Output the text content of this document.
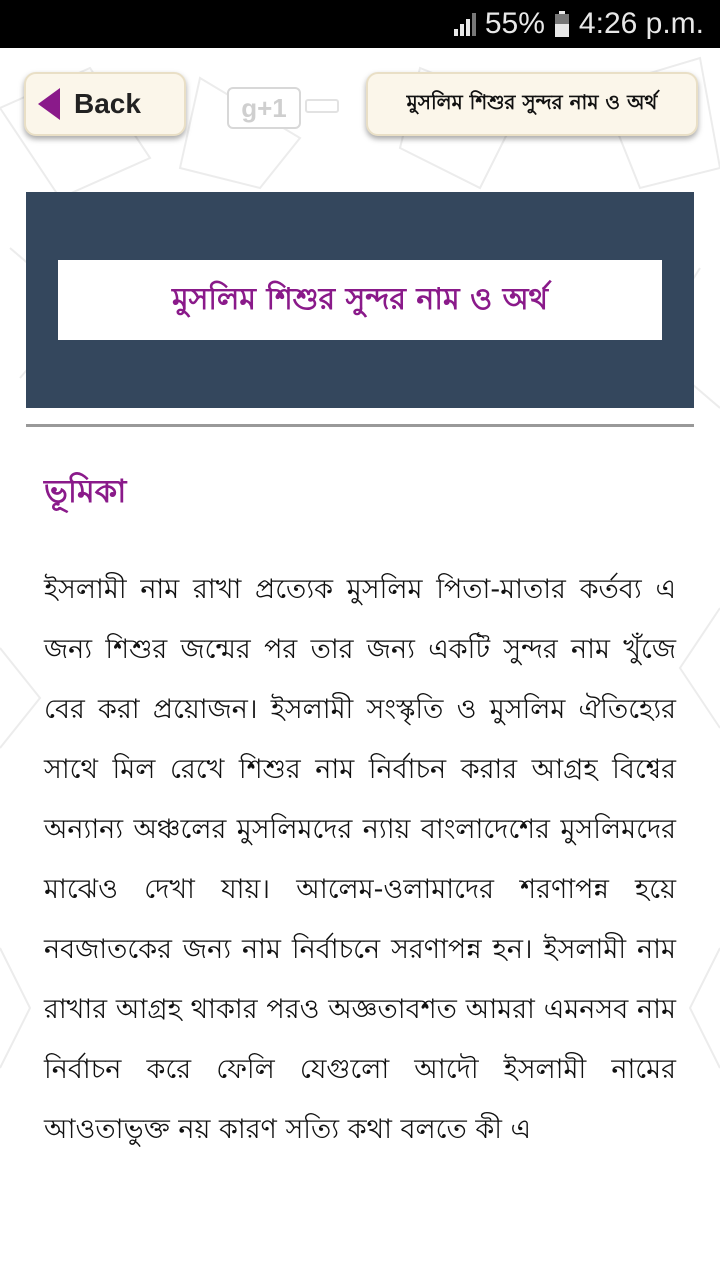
55% 4:26 p.m.
Back	g+1	মুসলিম শিশুর সুন্দর নাম ও অর্থ
মুসলিম শিশুর সুন্দর নাম ও অর্থ
ভূমিকা

ইসলামী নাম রাখা প্রত্যেক মুসলিম পিতা-মাতার কর্তব্য এ জন্য শিশুর জন্মের পর তার জন্য একটি সুন্দর নাম খুঁজে বের করা প্রয়োজন। ইসলামী সংস্কৃতি ও মুসলিম ঐতিহ্যের সাথে মিল রেখে শিশুর নাম নির্বাচন করার আগ্রহ বিশ্বের অন্যান্য অঞ্চলের মুসলিমদের ন্যায় বাংলাদেশের মুসলিমদের মাঝেও দেখা যায়। আলেম-ওলামাদের শরণাপন্ন হয়ে নবজাতকের জন্য নাম নির্বাচনে সরণাপন্ন হন। ইসলামী নাম রাখার আগ্রহ থাকার পরও অজ্ঞতাবশত আমরা এমনসব নাম নির্বাচন করে ফেলি যেগুলো আদৌ ইসলামী নামের আওতাভুক্ত নয় কারণ সত্যি কথা বলতে কী এ
